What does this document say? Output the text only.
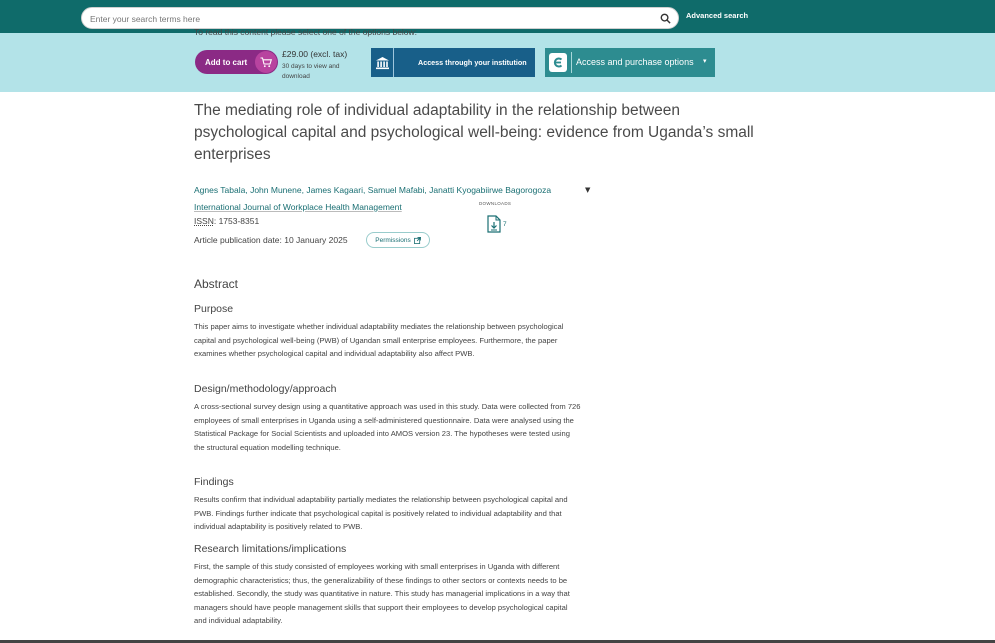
Enter your search terms here
Advanced search
To read this content please select one of the options below:
Add to cart
£29.00 (excl. tax)
30 days to view and download
Access through your institution	Access and purchase options ▾
The mediating role of individual adaptability in the relationship between psychological capital and psychological well-being: evidence from Uganda’s small enterprises
Agnes Tabala, John Munene, James Kagaari, Samuel Mafabi, Janatti Kyogabiirwe Bagorogoza	▼
International Journal of Workplace Health Management
ISSN: 1753-8351
Article publication date: 10 January 2025	Permissions
DOWNLOADS
7
Abstract
Purpose

This paper aims to investigate whether individual adaptability mediates the relationship between psychological capital and psychological well-being (PWB) of Ugandan small enterprise employees. Furthermore, the paper examines whether psychological capital and individual adaptability also affect PWB.

Design/methodology/approach

A cross-sectional survey design using a quantitative approach was used in this study. Data were collected from 726 employees of small enterprises in Uganda using a self-administered questionnaire. Data were analysed using the Statistical Package for Social Scientists and uploaded into AMOS version 23. The hypotheses were tested using the structural equation modelling technique.

Findings

Results confirm that individual adaptability partially mediates the relationship between psychological capital and PWB. Findings further indicate that psychological capital is positively related to individual adaptability and that individual adaptability is positively related to PWB.

Research limitations/implications

First, the sample of this study consisted of employees working with small enterprises in Uganda with different demographic characteristics; thus, the generalizability of these findings to other sectors or contexts needs to be established. Secondly, the study was quantitative in nature. This study has managerial implications in a way that managers should have people management skills that support their employees to develop psychological capital and individual adaptability.
